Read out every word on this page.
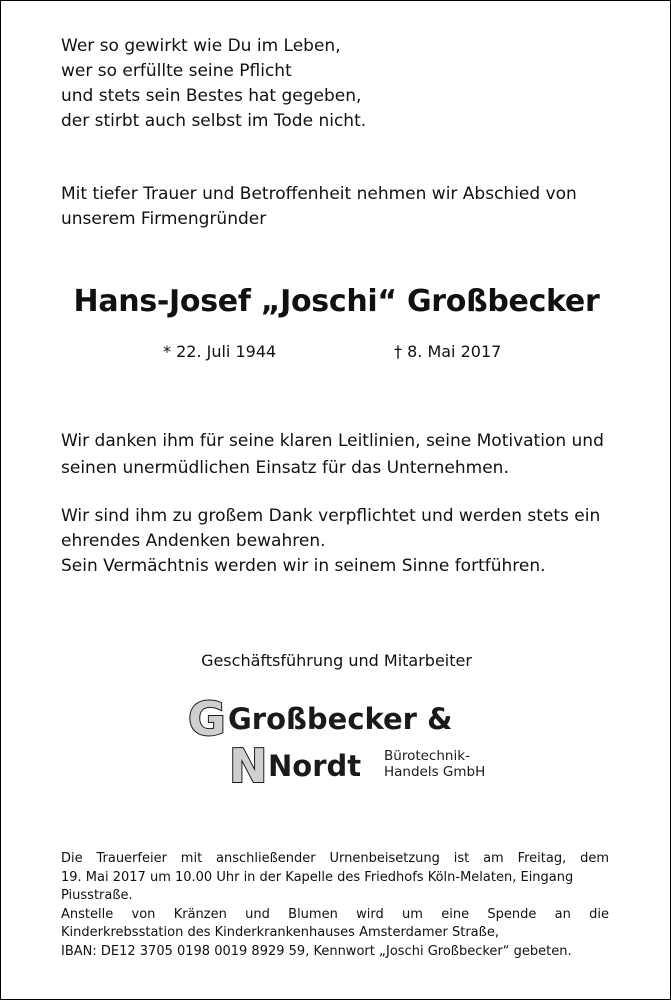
Wer so gewirkt wie Du im Leben,
wer so erfüllte seine Pflicht
und stets sein Bestes hat gegeben,
der stirbt auch selbst im Tode nicht.
Mit tiefer Trauer und Betroffenheit nehmen wir Abschied von
unserem Firmengründer
Hans-Josef „Joschi“ Großbecker
* 22. Juli 1944	† 8. Mai 2017
Wir danken ihm für seine klaren Leitlinien, seine Motivation und
seinen unermüdlichen Einsatz für das Unternehmen.
Wir sind ihm zu großem Dank verpflichtet und werden stets ein
ehrendes Andenken bewahren.
Sein Vermächtnis werden wir in seinem Sinne fortführen.
Geschäftsführung und Mitarbeiter
G Großbecker &
N Nordt Bürotechnik-
Handels GmbH
Die Trauerfeier mit anschließender Urnenbeisetzung ist am Freitag, dem
19. Mai 2017 um 10.00 Uhr in der Kapelle des Friedhofs Köln-Melaten, Eingang
Piusstraße.
Anstelle von Kränzen und Blumen wird um eine Spende an die
Kinderkrebsstation des Kinderkrankenhauses Amsterdamer Straße,
IBAN: DE12 3705 0198 0019 8929 59, Kennwort „Joschi Großbecker“ gebeten.
